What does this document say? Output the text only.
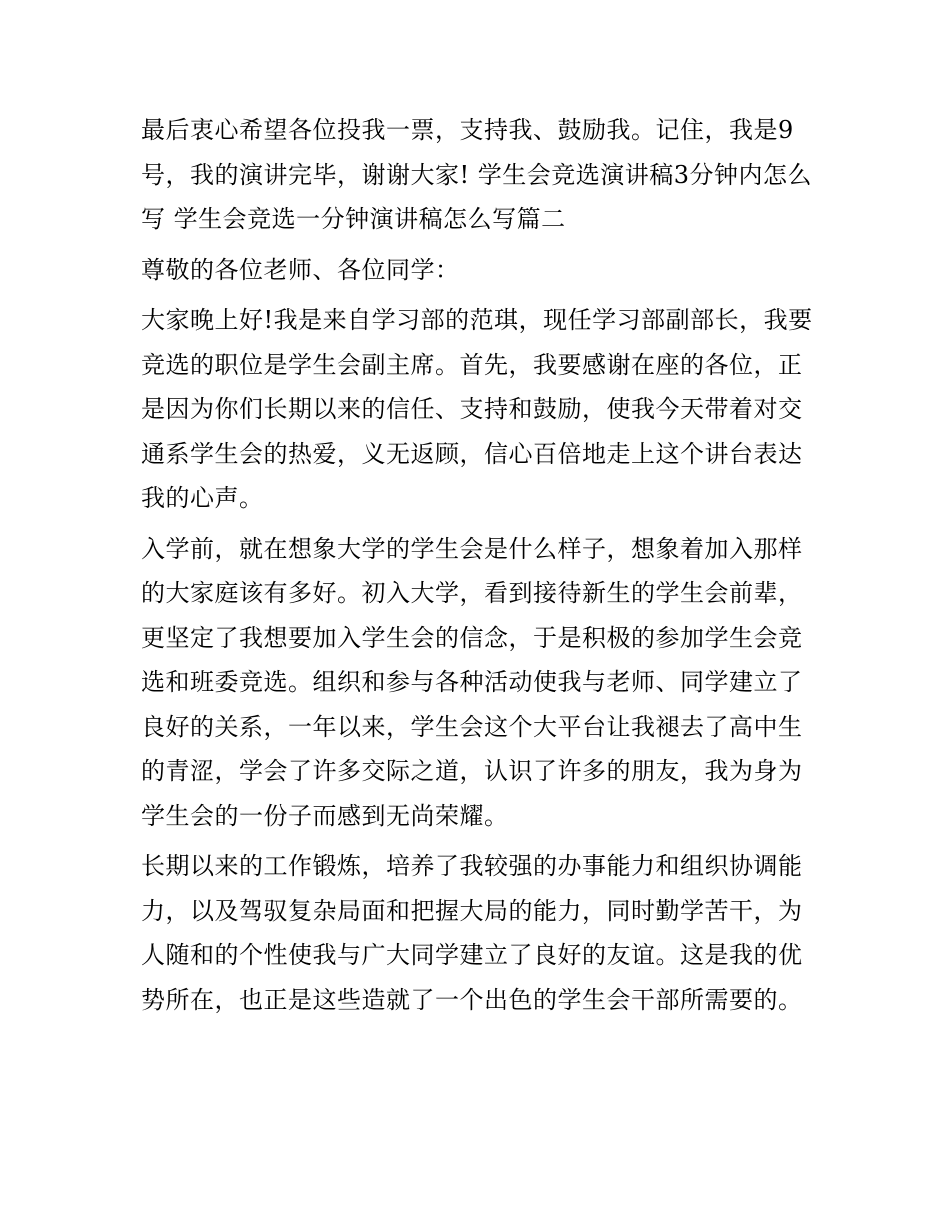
最后衷心希望各位投我一票，支持我、鼓励我。记住，我是9号，我的演讲完毕，谢谢大家! 学生会竞选演讲稿3分钟内怎么写 学生会竞选一分钟演讲稿怎么写篇二

尊敬的各位老师、各位同学：

大家晚上好!我是来自学习部的范琪，现任学习部副部长，我要竞选的职位是学生会副主席。首先，我要感谢在座的各位，正是因为你们长期以来的信任、支持和鼓励，使我今天带着对交通系学生会的热爱，义无返顾，信心百倍地走上这个讲台表达我的心声。

入学前，就在想象大学的学生会是什么样子，想象着加入那样的大家庭该有多好。初入大学，看到接待新生的学生会前辈，更坚定了我想要加入学生会的信念，于是积极的参加学生会竞选和班委竞选。组织和参与各种活动使我与老师、同学建立了良好的关系，一年以来，学生会这个大平台让我褪去了高中生的青涩，学会了许多交际之道，认识了许多的朋友，我为身为学生会的一份子而感到无尚荣耀。

长期以来的工作锻炼，培养了我较强的办事能力和组织协调能力，以及驾驭复杂局面和把握大局的能力，同时勤学苦干，为人随和的个性使我与广大同学建立了良好的友谊。这是我的优势所在，也正是这些造就了一个出色的学生会干部所需要的。
